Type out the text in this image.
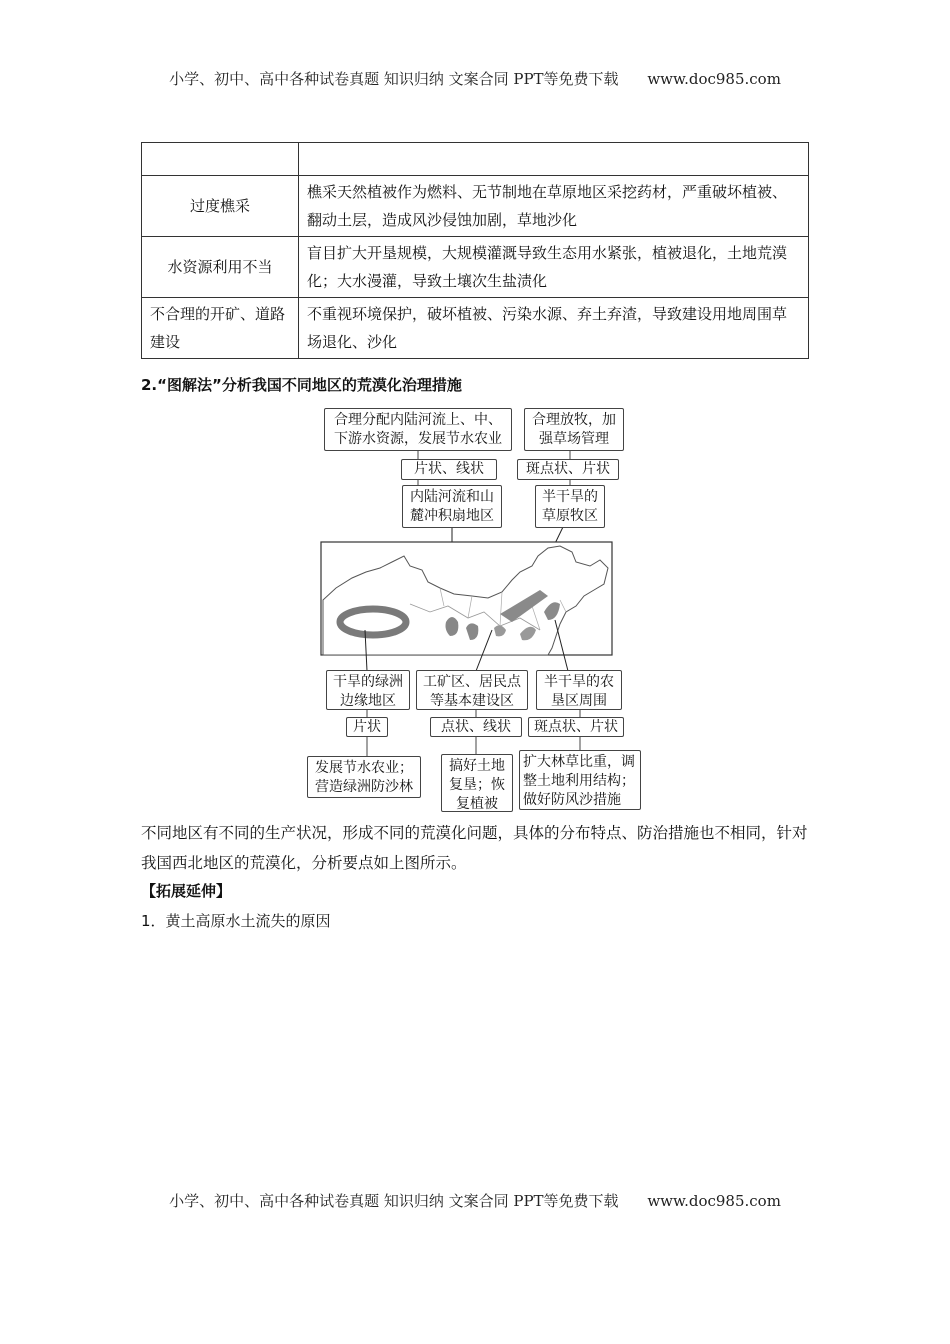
小学、初中、高中各种试卷真题 知识归纳 文案合同 PPT等免费下载 www.doc985.com

过度樵采	樵采天然植被作为燃料、无节制地在草原地区采挖药材，严重破坏植被、翻动土层，造成风沙侵蚀加剧，草地沙化
水资源利用不当	盲目扩大开垦规模，大规模灌溉导致生态用水紧张，植被退化，土地荒漠化；大水漫灌，导致土壤次生盐渍化
不合理的开矿、道路建设	不重视环境保护，破坏植被、污染水源、弃土弃渣，导致建设用地周围草场退化、沙化
2.“图解法”分析我国不同地区的荒漠化治理措施
合理分配内陆河流上、中、下游水资源，发展节水农业
片状、线状
内陆河流和山麓冲积扇地区
合理放牧，加强草场管理
斑点状、片状
半干旱的草原牧区
干旱的绿洲边缘地区
片状
发展节水农业；营造绿洲防沙林
工矿区、居民点等基本建设区
点状、线状
搞好土地复垦；恢复植被
半干旱的农垦区周围
斑点状、片状
扩大林草比重，调整土地利用结构；做好防风沙措施
不同地区有不同的生产状况，形成不同的荒漠化问题，具体的分布特点、防治措施也不相同，针对我国西北地区的荒漠化，分析要点如上图所示。
【拓展延伸】
1．黄土高原水土流失的原因
小学、初中、高中各种试卷真题 知识归纳 文案合同 PPT等免费下载 www.doc985.com
